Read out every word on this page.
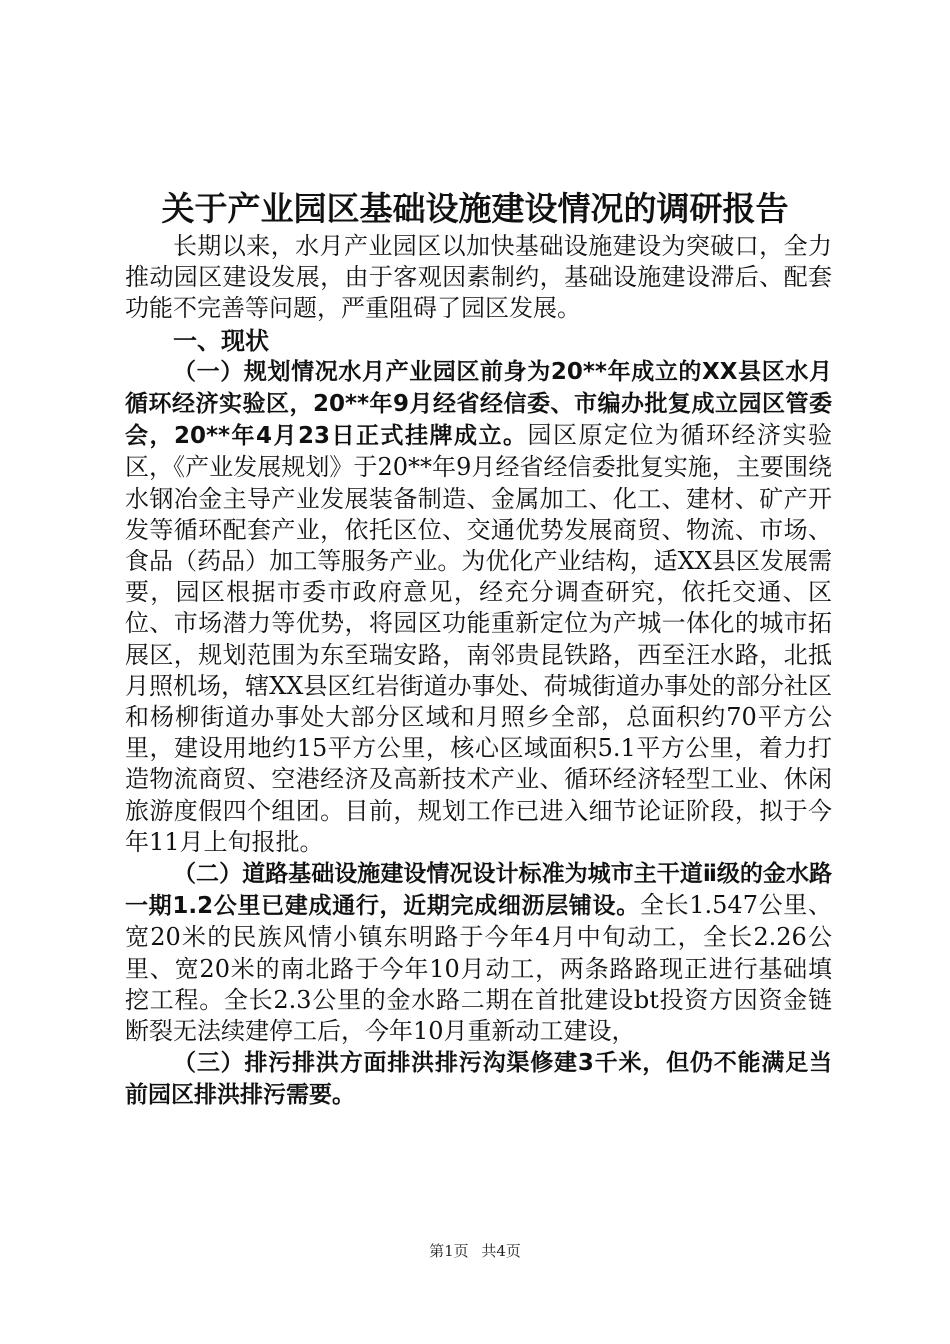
关于产业园区基础设施建设情况的调研报告

长期以来，水月产业园区以加快基础设施建设为突破口，全力推动园区建设发展，由于客观因素制约，基础设施建设滞后、配套功能不完善等问题，严重阻碍了园区发展。

一、现状

（一）规划情况水月产业园区前身为20**年成立的XX县区水月循环经济实验区，20**年9月经省经信委、市编办批复成立园区管委会，20**年4月23日正式挂牌成立。园区原定位为循环经济实验区，《产业发展规划》于20**年9月经省经信委批复实施，主要围绕水钢冶金主导产业发展装备制造、金属加工、化工、建材、矿产开发等循环配套产业，依托区位、交通优势发展商贸、物流、市场、食品（药品）加工等服务产业。为优化产业结构，适XX县区发展需要，园区根据市委市政府意见，经充分调查研究，依托交通、区位、市场潜力等优势，将园区功能重新定位为产城一体化的城市拓展区，规划范围为东至瑞安路，南邻贵昆铁路，西至汪水路，北抵月照机场，辖XX县区红岩街道办事处、荷城街道办事处的部分社区和杨柳街道办事处大部分区域和月照乡全部，总面积约70平方公里，建设用地约15平方公里，核心区域面积5.1平方公里，着力打造物流商贸、空港经济及高新技术产业、循环经济轻型工业、休闲旅游度假四个组团。目前，规划工作已进入细节论证阶段，拟于今年11月上旬报批。

（二）道路基础设施建设情况设计标准为城市主干道ⅱ级的金水路一期1.2公里已建成通行，近期完成细沥层铺设。全长1.547公里、宽20米的民族风情小镇东明路于今年4月中旬动工，全长2.26公里、宽20米的南北路于今年10月动工，两条路路现正进行基础填挖工程。全长2.3公里的金水路二期在首批建设bt投资方因资金链断裂无法续建停工后，今年10月重新动工建设，

（三）排污排洪方面排洪排污沟渠修建3千米，但仍不能满足当前园区排洪排污需要。

第1页 共4页
